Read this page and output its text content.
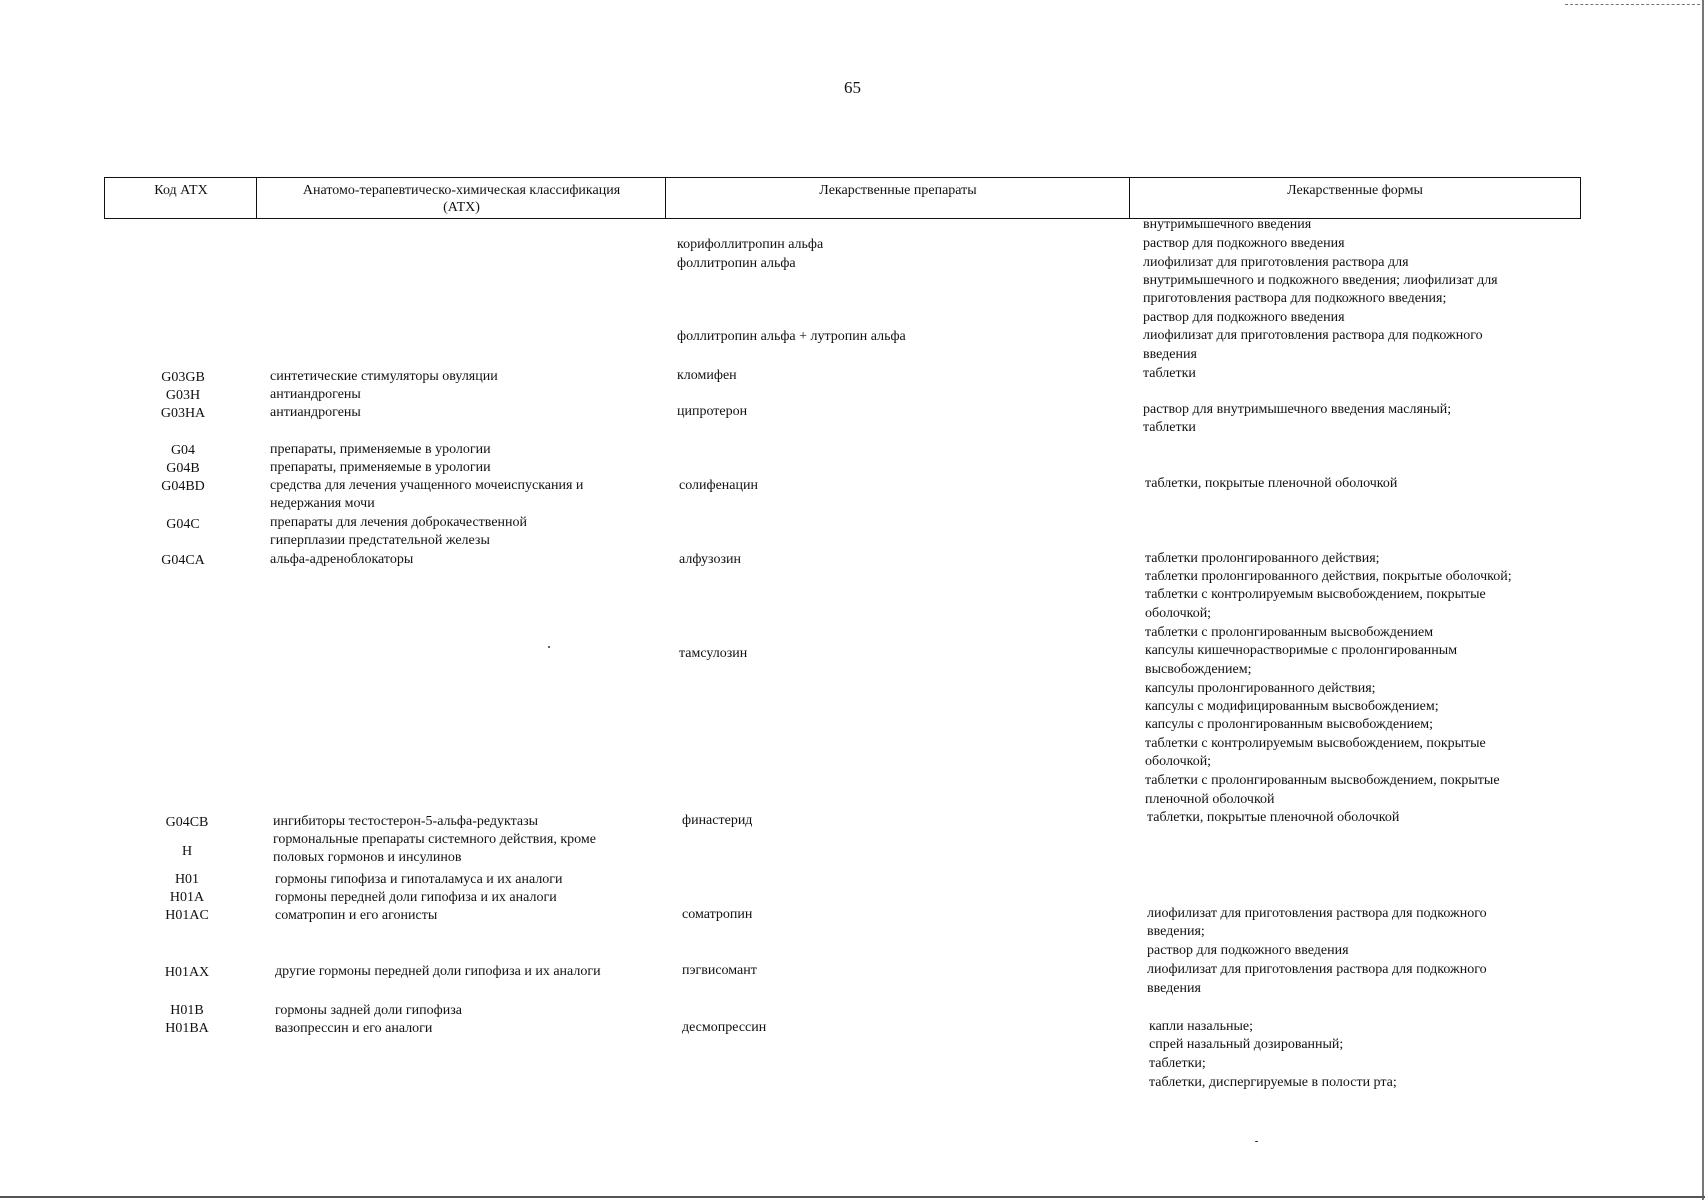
65
Код АТХ	Анатомо-терапевтическо-химическая классификация
(АТХ)
Лекарственные препараты	Лекарственные формы
G03GB
G03H
G03HA
G04
G04B
G04BD
G04C
G04CA
G04CB
H
H01
H01A
H01AC
H01AX
H01B
H01BA
синтетические стимуляторы овуляции
антиандрогены
антиандрогены
препараты, применяемые в урологии
препараты, применяемые в урологии
средства для лечения учащенного мочеиспускания и
недержания мочи
препараты для лечения доброкачественной
гиперплазии предстательной железы
альфа-адреноблокаторы
ингибиторы тестостерон-5-альфа-редуктазы
гормональные препараты системного действия, кроме
половых гормонов и инсулинов
гормоны гипофиза и гипоталамуса и их аналоги
гормоны передней доли гипофиза и их аналоги
соматропин и его агонисты
другие гормоны передней доли гипофиза и их аналоги
гормоны задней доли гипофиза
вазопрессин и его аналоги
корифоллитропин альфа
фоллитропин альфа
фоллитропин альфа + лутропин альфа
кломифен
ципротерон
солифенацин
алфузозин
тамсулозин
финастерид
соматропин
пэгвисомант
десмопрессин
внутримышечного введения
раствор для подкожного введения
лиофилизат для приготовления раствора для
внутримышечного и подкожного введения; лиофилизат для
приготовления раствора для подкожного введения;
раствор для подкожного введения
лиофилизат для приготовления раствора для подкожного
введения
таблетки
раствор для внутримышечного введения масляный;
таблетки
таблетки, покрытые пленочной оболочкой
таблетки пролонгированного действия;
таблетки пролонгированного действия, покрытые оболочкой;
таблетки с контролируемым высвобождением, покрытые
оболочкой;
таблетки с пролонгированным высвобождением
капсулы кишечнорастворимые с пролонгированным
высвобождением;
капсулы пролонгированного действия;
капсулы с модифицированным высвобождением;
капсулы с пролонгированным высвобождением;
таблетки с контролируемым высвобождением, покрытые
оболочкой;
таблетки с пролонгированным высвобождением, покрытые
пленочной оболочкой
таблетки, покрытые пленочной оболочкой
лиофилизат для приготовления раствора для подкожного
введения;
раствор для подкожного введения
лиофилизат для приготовления раствора для подкожного
введения
капли назальные;
спрей назальный дозированный;
таблетки;
таблетки, диспергируемые в полости рта;
